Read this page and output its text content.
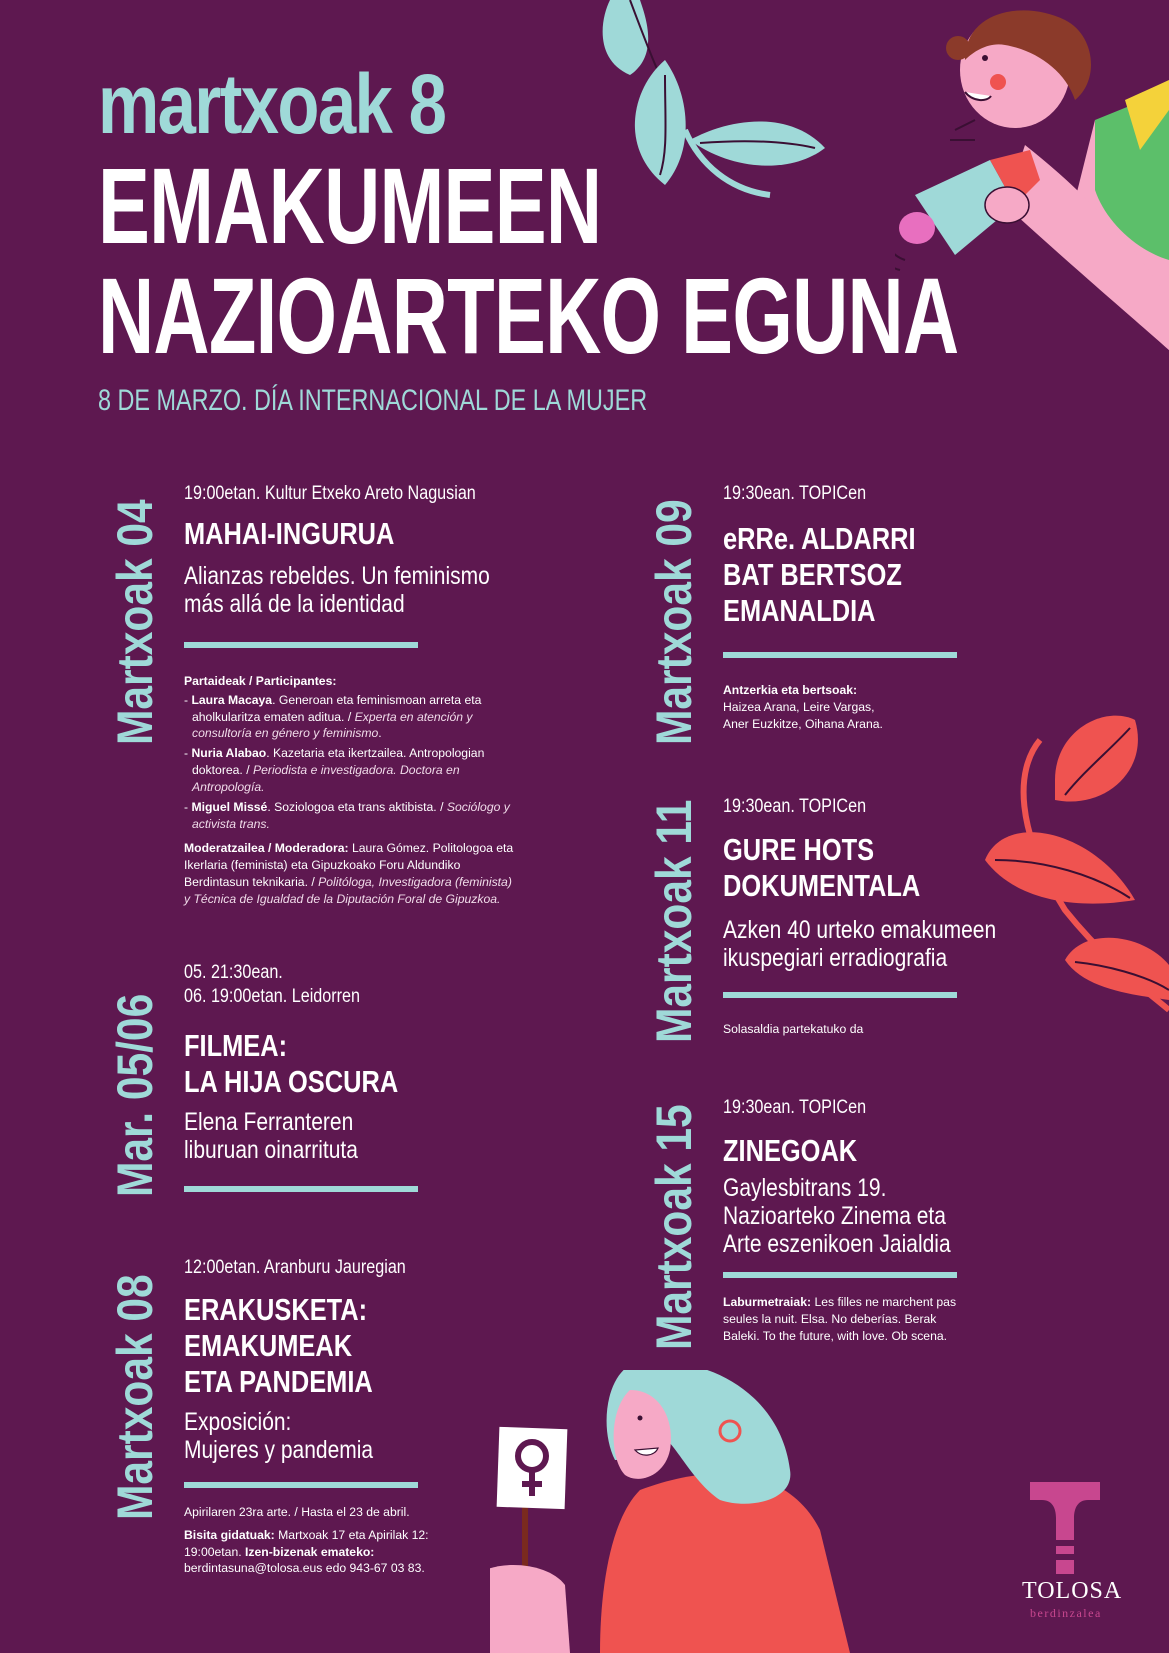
martxoak 8
EMAKUMEEN
NAZIOARTEKO EGUNA
8 DE MARZO. DÍA INTERNACIONAL DE LA MUJER
Martxoak 04
19:00etan. Kultur Etxeko Areto Nagusian
MAHAI-INGURUA
Alianzas rebeldes. Un feminismo
más allá de la identidad
Partaideak / Participantes:
- Laura Macaya. Generoan eta feminismoan arreta eta aholkularitza ematen aditua. / Experta en atención y consultoría en género y feminismo.
- Nuria Alabao. Kazetaria eta ikertzailea. Antropologian doktorea. / Periodista e investigadora. Doctora en Antropología.
- Miguel Missé. Soziologoa eta trans aktibista. / Sociólogo y activista trans.
Moderatzailea / Moderadora: Laura Gómez. Politologoa eta Ikerlaria (feminista) eta Gipuzkoako Foru Aldundiko Berdintasun teknikaria. / Politóloga, Investigadora (feminista) y Técnica de Igualdad de la Diputación Foral de Gipuzkoa.
Mar. 05/06
05. 21:30ean.
06. 19:00etan. Leidorren
FILMEA:
LA HIJA OSCURA
Elena Ferranteren
liburuan oinarrituta
Martxoak 08
12:00etan. Aranburu Jauregian
ERAKUSKETA:
EMAKUMEAK
ETA PANDEMIA
Exposición:
Mujeres y pandemia
Apirilaren 23ra arte. / Hasta el 23 de abril.
Bisita gidatuak: Martxoak 17 eta Apirilak 12: 19:00etan. Izen-bizenak emateko: berdintasuna@tolosa.eus edo 943-67 03 83.
Martxoak 09
19:30ean. TOPICen
eRRe. ALDARRI
BAT BERTSOZ
EMANALDIA
Antzerkia eta bertsoak:
Haizea Arana, Leire Vargas,
Aner Euzkitze, Oihana Arana.
Martxoak 11 19:30ean. TOPICen
GURE HOTS
DOKUMENTALA
Azken 40 urteko emakumeen
ikuspegiari erradiografia
Solasaldia partekatuko da
Martxoak 15 19:30ean. TOPICen
ZINEGOAK
Gaylesbitrans 19.
Nazioarteko Zinema eta
Arte eszenikoen Jaialdia
Laburmetraiak: Les filles ne marchent pas seules la nuit. Elsa. No deberías. Berak Baleki. To the future, with love. Ob scena.
TOLOSA
berdinzalea
